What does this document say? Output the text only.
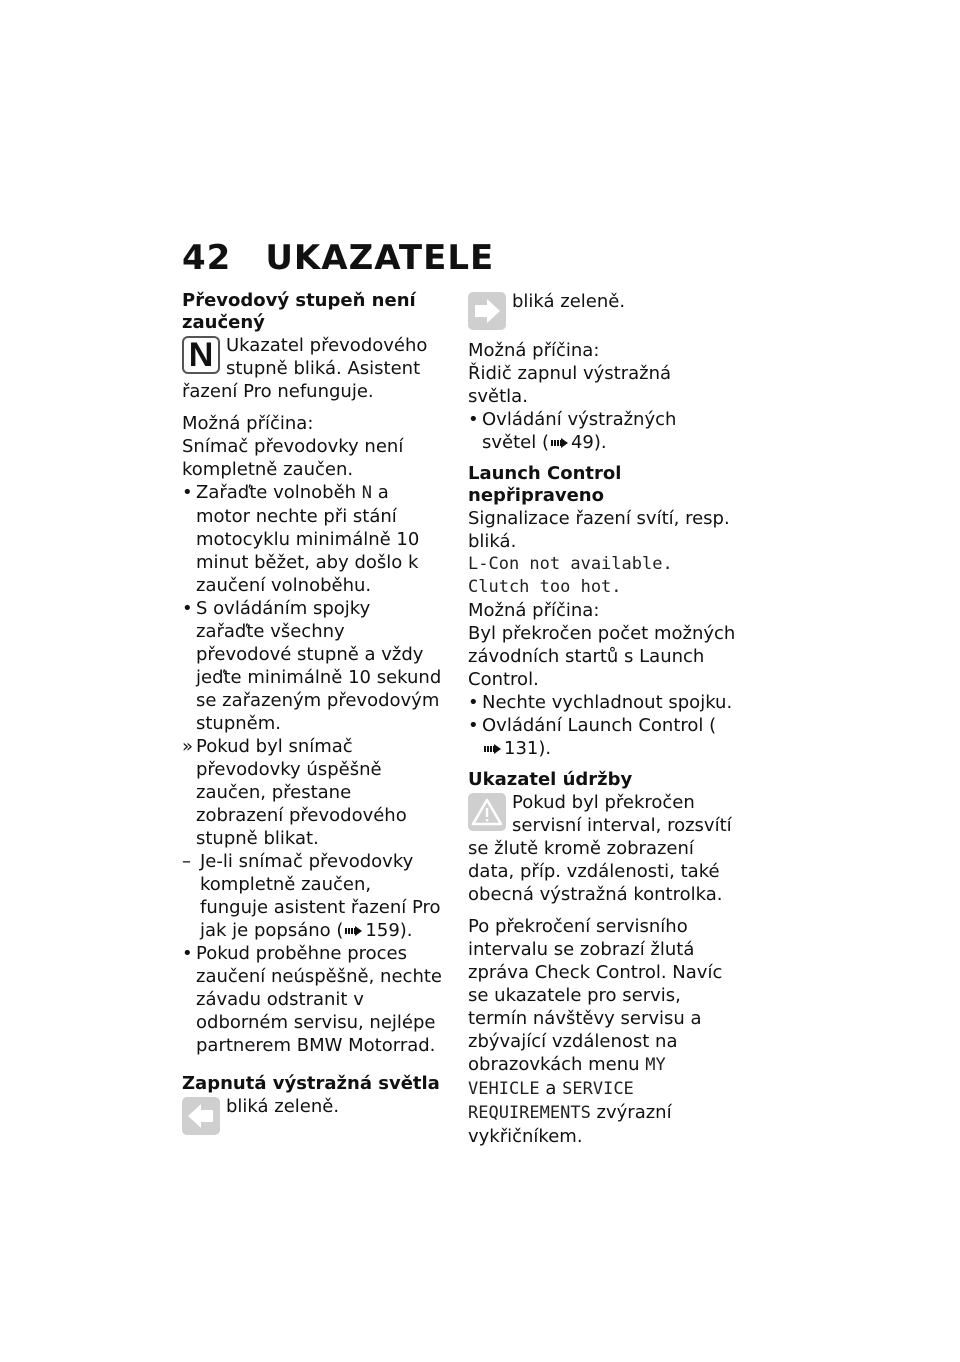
42 UKAZATELE

Převodový stupeň není
zaučený

N Ukazatel převodového stupně bliká. Asistent řazení Pro nefunguje.

Možná příčina:

Snímač převodovky není kompletně zaučen.

• Zařaďte volnoběh N a motor nechte při stání motocyklu minimálně 10 minut běžet, aby došlo k zaučení volnoběhu.

• S ovládáním spojky zařaďte všechny převodové stupně a vždy jeďte minimálně 10 sekund se zařazeným převodovým stupněm.

» Pokud byl snímač převodovky úspěšně zaučen, přestane zobrazení převodového stupně blikat.

– Je-li snímač převodovky kompletně zaučen, funguje asistent řazení Pro jak je popsáno ( 159).

• Pokud proběhne proces zaučení neúspěšně, nechte závadu odstranit v odborném servisu, nejlépe partnerem BMW Motorrad.

Zapnutá výstražná světla

bliká zeleně.

bliká zeleně.

Možná příčina:

Řidič zapnul výstražná světla.

• Ovládání výstražných světel ( 49).

Launch Control nepřipraveno

Signalizace řazení svítí, resp. bliká.

L-Con not available.

Clutch too hot.

Možná příčina:

Byl překročen počet možných závodních startů s Launch Control.

• Nechte vychladnout spojku.

• Ovládání Launch Control (131).

Ukazatel údržby

Pokud byl překročen servisní interval, rozsvítí se žlutě kromě zobrazení data, příp. vzdálenosti, také obecná výstražná kontrolka.

Po překročení servisního intervalu se zobrazí žlutá zpráva Check Control. Navíc se ukazatele pro servis, termín návštěvy servisu a zbývající vzdálenost na obrazovkách menu MY VEHICLE a SERVICE REQUIREMENTS zvýrazní vykřičníkem.
